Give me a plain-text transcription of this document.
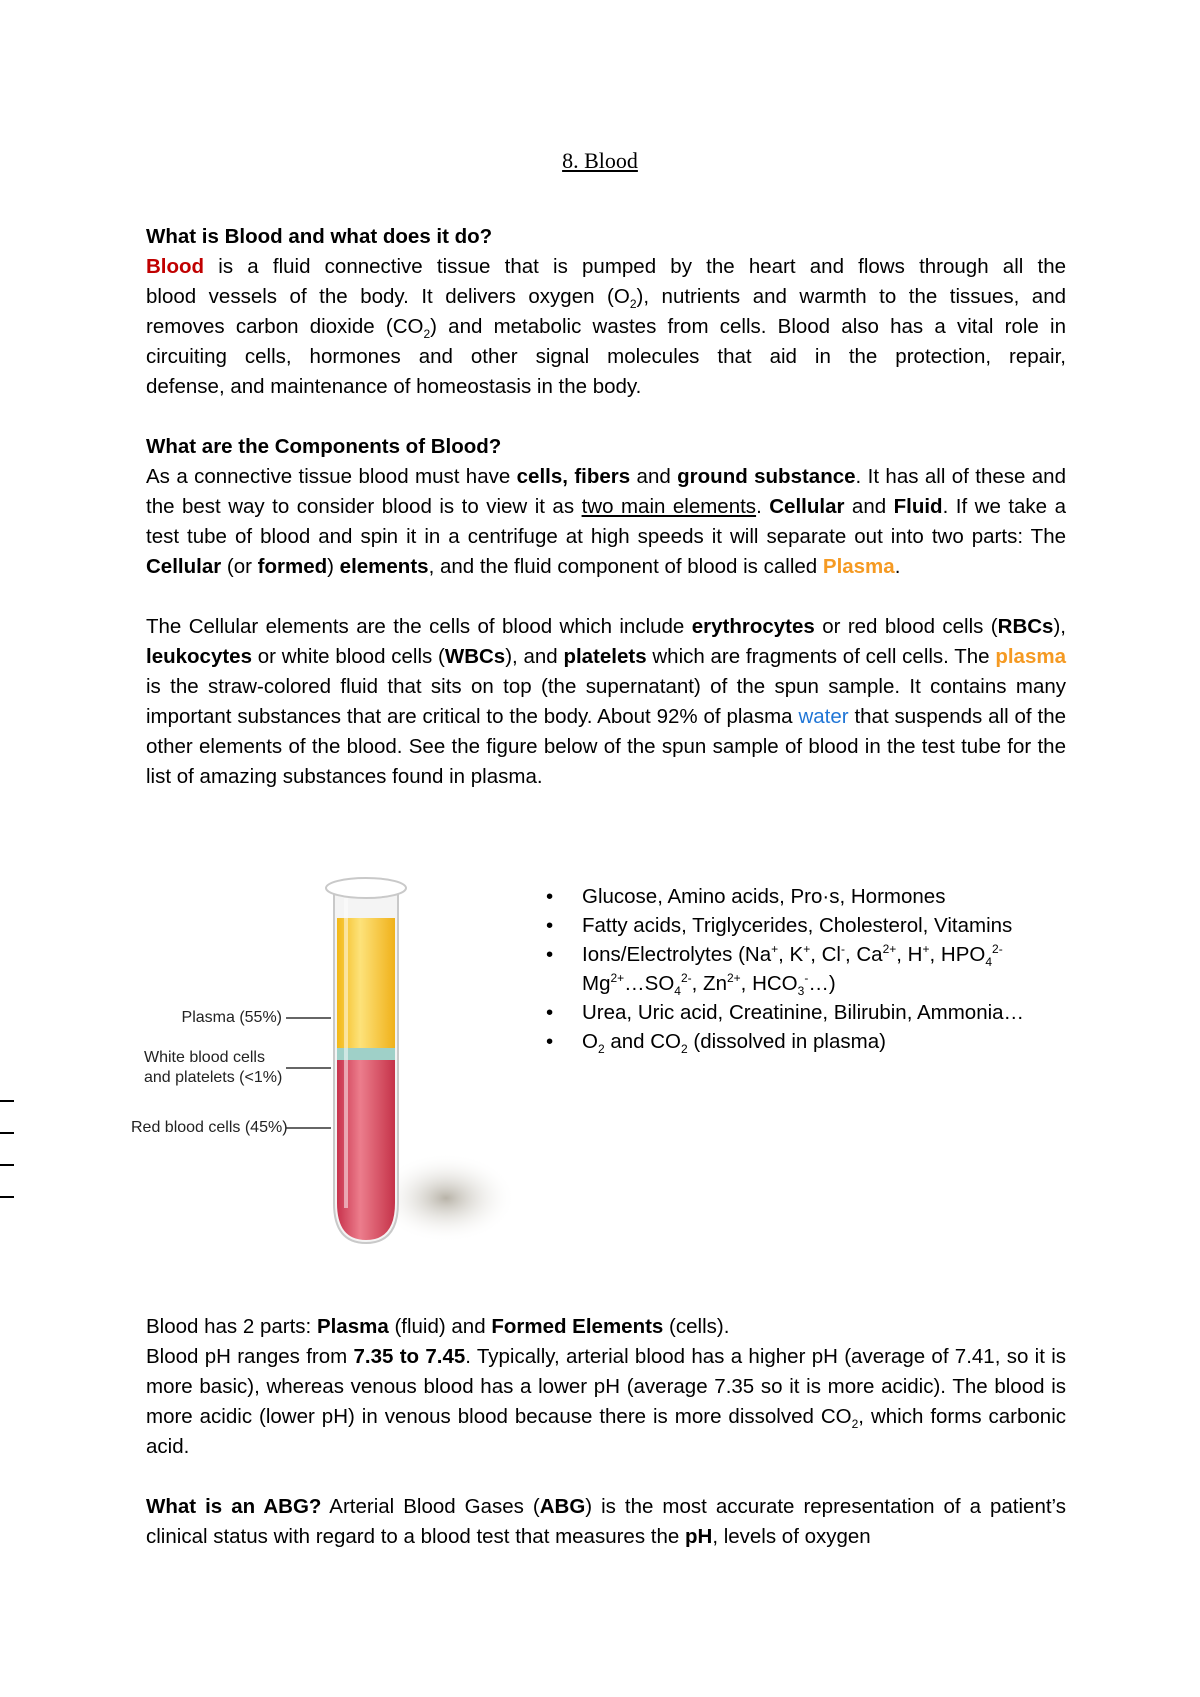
8. Blood
What is Blood and what does it do?
Blood is a fluid connective tissue that is pumped by the heart and flows through all the
blood vessels of the body. It delivers oxygen $(O_2)$, nutrients and warmth to the tissues, and
removes carbon dioxide $(CO_2)$ and metabolic wastes from cells. Blood also has a vital role in
circuiting cells, hormones and other signal molecules that aid in the protection, repair,
defense, and maintenance of homeostasis in the body.
What are the Components of Blood?
As a connective tissue blood must have cells, fibers and ground substance. It has all of these and the best way to consider blood is to view it as two main elements. Cellular and Fluid. If we take a test tube of blood and spin it in a centrifuge at high speeds it will separate out into two parts: The Cellular (or formed) elements, and the fluid component of blood is called Plasma.
The Cellular elements are the cells of blood which include erythrocytes or red blood cells (RBCs), leukocytes or white blood cells (WBCs), and platelets which are fragments of cell cells. The plasma is the straw-colored fluid that sits on top (the supernatant) of the spun sample. It contains many important substances that are critical to the body. About 92% of plasma water that suspends all of the other elements of the blood. See the figure below of the spun sample of blood in the test tube for the list of amazing substances found in plasma.
Plasma (55%)
White blood cells
and platelets (<1%)
Red blood cells (45%)
• Glucose, Amino acids, Pro·s, Hormones
• Fatty acids, Triglycerides, Cholesterol, Vitamins
• Ions/Electrolytes (Na+, K+, Cl-, $Ca^{2+}$, H+, $HPO_4^{2-}$
$Mg^{2+}\dots SO_4^{2-}$, $Zn^{2+}$, $HCO_3^-\dots$)
• Urea, Uric acid, Creatinine, Bilirubin, Ammonia…
• $O_2$ and $CO_2$ (dissolved in plasma)
Blood has 2 parts: Plasma (fluid) and Formed Elements (cells).
Blood pH ranges from 7.35 to 7.45. Typically, arterial blood has a higher pH (average of 7.41, so it is more basic), whereas venous blood has a lower pH (average 7.35 so it is more acidic). The blood is more acidic (lower pH) in venous blood because there is more dissolved $CO_2$, which forms carbonic acid.
What is an ABG? Arterial Blood Gases (ABG) is the most accurate representation of a patient’s clinical status with regard to a blood test that measures the pH, levels of oxygen
